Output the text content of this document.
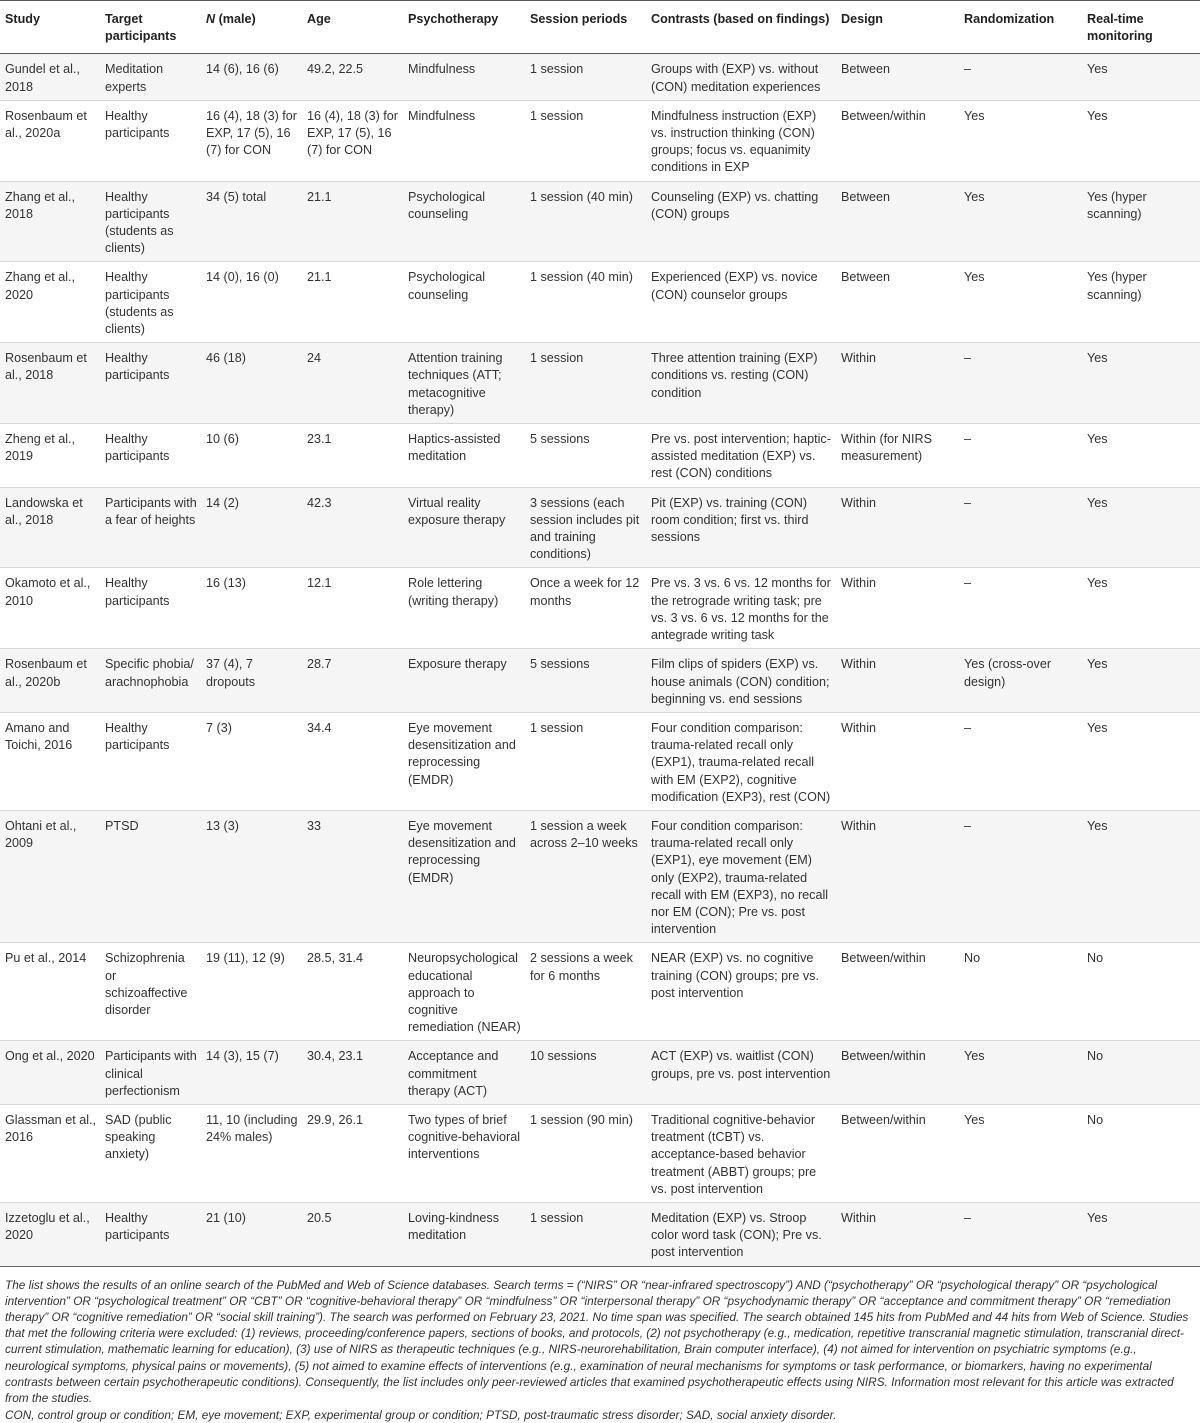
Study	Target participants	N (male)	Age	Psychotherapy	Session periods	Contrasts (based on findings)	Design	Randomization	Real-time monitoring
Gundel et al., 2018	Meditation experts	14 (6), 16 (6)	49.2, 22.5	Mindfulness	1 session	Groups with (EXP) vs. without (CON) meditation experiences	Between	–	Yes
Rosenbaum et al., 2020a	Healthy participants	16 (4), 18 (3) for EXP, 17 (5), 16 (7) for CON	16 (4), 18 (3) for EXP, 17 (5), 16 (7) for CON	Mindfulness	1 session	Mindfulness instruction (EXP) vs. instruction thinking (CON) groups; focus vs. equanimity conditions in EXP	Between/within	Yes	Yes
Zhang et al., 2018	Healthy participants (students as clients)	34 (5) total	21.1	Psychological counseling	1 session (40 min)	Counseling (EXP) vs. chatting (CON) groups	Between	Yes	Yes (hyper scanning)
Zhang et al., 2020	Healthy participants (students as clients)	14 (0), 16 (0)	21.1	Psychological counseling	1 session (40 min)	Experienced (EXP) vs. novice (CON) counselor groups	Between	Yes	Yes (hyper scanning)
Rosenbaum et al., 2018	Healthy participants	46 (18)	24	Attention training techniques (ATT; metacognitive therapy)	1 session	Three attention training (EXP) conditions vs. resting (CON) condition	Within	–	Yes
Zheng et al., 2019	Healthy participants	10 (6)	23.1	Haptics-assisted meditation	5 sessions	Pre vs. post intervention; haptic-assisted meditation (EXP) vs. rest (CON) conditions	Within (for NIRS measurement)	–	Yes
Landowska et al., 2018	Participants with a fear of heights	14 (2)	42.3	Virtual reality exposure therapy	3 sessions (each session includes pit and training conditions)	Pit (EXP) vs. training (CON) room condition; first vs. third sessions	Within	–	Yes
Okamoto et al., 2010	Healthy participants	16 (13)	12.1	Role lettering (writing therapy)	Once a week for 12 months	Pre vs. 3 vs. 6 vs. 12 months for the retrograde writing task; pre vs. 3 vs. 6 vs. 12 months for the antegrade writing task	Within	–	Yes
Rosenbaum et al., 2020b	Specific phobia/ arachnophobia	37 (4), 7 dropouts	28.7	Exposure therapy	5 sessions	Film clips of spiders (EXP) vs. house animals (CON) condition; beginning vs. end sessions	Within	Yes (cross-over design)	Yes
Amano and Toichi, 2016	Healthy participants	7 (3)	34.4	Eye movement desensitization and reprocessing (EMDR)	1 session	Four condition comparison: trauma-related recall only (EXP1), trauma-related recall with EM (EXP2), cognitive modification (EXP3), rest (CON)	Within	–	Yes
Ohtani et al., 2009	PTSD	13 (3)	33	Eye movement desensitization and reprocessing (EMDR)	1 session a week across 2–10 weeks	Four condition comparison: trauma-related recall only (EXP1), eye movement (EM) only (EXP2), trauma-related recall with EM (EXP3), no recall nor EM (CON); Pre vs. post intervention	Within	–	Yes
Pu et al., 2014	Schizophrenia or schizoaffective disorder	19 (11), 12 (9)	28.5, 31.4	Neuropsychological educational approach to cognitive remediation (NEAR)	2 sessions a week for 6 months	NEAR (EXP) vs. no cognitive training (CON) groups; pre vs. post intervention	Between/within	No	No
Ong et al., 2020	Participants with clinical perfectionism	14 (3), 15 (7)	30.4, 23.1	Acceptance and commitment therapy (ACT)	10 sessions	ACT (EXP) vs. waitlist (CON) groups, pre vs. post intervention	Between/within	Yes	No
Glassman et al., 2016	SAD (public speaking anxiety)	11, 10 (including 24% males)	29.9, 26.1	Two types of brief cognitive-behavioral interventions	1 session (90 min)	Traditional cognitive-behavior treatment (tCBT) vs. acceptance-based behavior treatment (ABBT) groups; pre vs. post intervention	Between/within	Yes	No
Izzetoglu et al., 2020	Healthy participants	21 (10)	20.5	Loving-kindness meditation	1 session	Meditation (EXP) vs. Stroop color word task (CON); Pre vs. post intervention	Within	–	Yes
The list shows the results of an online search of the PubMed and Web of Science databases. Search terms = (“NIRS” OR “near-infrared spectroscopy”) AND (“psychotherapy” OR “psychological therapy” OR “psychological intervention” OR “psychological treatment” OR “CBT” OR “cognitive-behavioral therapy” OR “mindfulness” OR “interpersonal therapy” OR “psychodynamic therapy” OR “acceptance and commitment therapy” OR “remediation therapy” OR “cognitive remediation” OR “social skill training”). The search was performed on February 23, 2021. No time span was specified. The search obtained 145 hits from PubMed and 44 hits from Web of Science. Studies that met the following criteria were excluded: (1) reviews, proceeding/conference papers, sections of books, and protocols, (2) not psychotherapy (e.g., medication, repetitive transcranial magnetic stimulation, transcranial direct-current stimulation, mathematic learning for education), (3) use of NIRS as therapeutic techniques (e.g., NIRS-neurorehabilitation, Brain computer interface), (4) not aimed for intervention on psychiatric symptoms (e.g., neurological symptoms, physical pains or movements), (5) not aimed to examine effects of interventions (e.g., examination of neural mechanisms for symptoms or task performance, or biomarkers, having no experimental contrasts between certain psychotherapeutic conditions). Consequently, the list includes only peer-reviewed articles that examined psychotherapeutic effects using NIRS. Information most relevant for this article was extracted from the studies.
CON, control group or condition; EM, eye movement; EXP, experimental group or condition; PTSD, post-traumatic stress disorder; SAD, social anxiety disorder.
